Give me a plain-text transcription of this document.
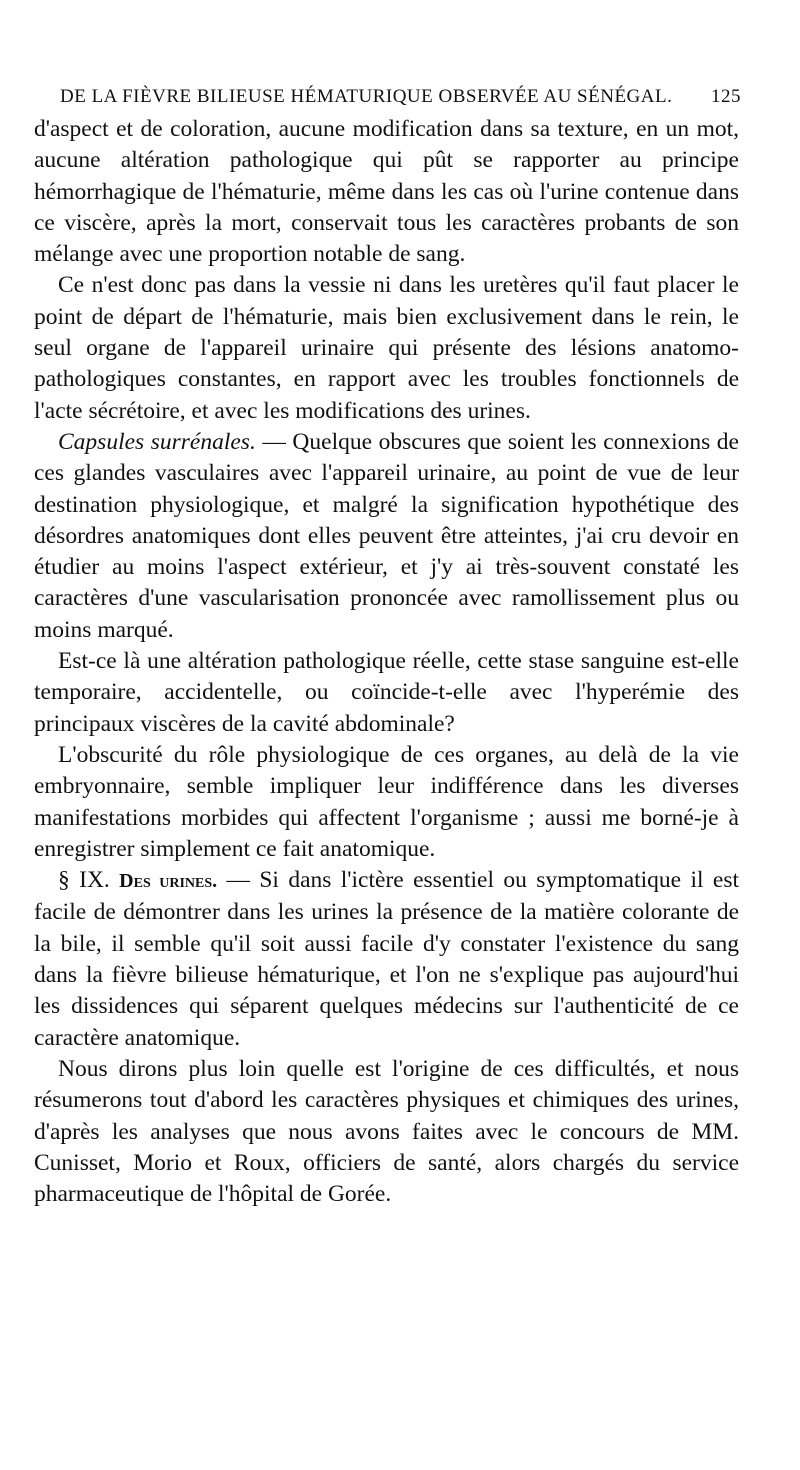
DE LA FIÈVRE BILIEUSE HÉMATURIQUE OBSERVÉE AU SÉNÉGAL. 125

d'aspect et de coloration, aucune modification dans sa texture, en un mot, aucune altération pathologique qui pût se rapporter au principe hémorrhagique de l'hématurie, même dans les cas où l'urine contenue dans ce viscère, après la mort, conservait tous les caractères probants de son mélange avec une proportion notable de sang.

Ce n'est donc pas dans la vessie ni dans les uretères qu'il faut placer le point de départ de l'hématurie, mais bien exclusivement dans le rein, le seul organe de l'appareil urinaire qui présente des lésions anatomo-pathologiques constantes, en rapport avec les troubles fonctionnels de l'acte sécrétoire, et avec les modifications des urines.

Capsules surrénales. — Quelque obscures que soient les connexions de ces glandes vasculaires avec l'appareil urinaire, au point de vue de leur destination physiologique, et malgré la signification hypothétique des désordres anatomiques dont elles peuvent être atteintes, j'ai cru devoir en étudier au moins l'aspect extérieur, et j'y ai très-souvent constaté les caractères d'une vascularisation prononcée avec ramollissement plus ou moins marqué.

Est-ce là une altération pathologique réelle, cette stase sanguine est-elle temporaire, accidentelle, ou coïncide-t-elle avec l'hyperémie des principaux viscères de la cavité abdominale?

L'obscurité du rôle physiologique de ces organes, au delà de la vie embryonnaire, semble impliquer leur indifférence dans les diverses manifestations morbides qui affectent l'organisme ; aussi me borné-je à enregistrer simplement ce fait anatomique.

§ IX. Des urines. — Si dans l'ictère essentiel ou symptomatique il est facile de démontrer dans les urines la présence de la matière colorante de la bile, il semble qu'il soit aussi facile d'y constater l'existence du sang dans la fièvre bilieuse hématurique, et l'on ne s'explique pas aujourd'hui les dissidences qui séparent quelques médecins sur l'authenticité de ce caractère anatomique.

Nous dirons plus loin quelle est l'origine de ces difficultés, et nous résumerons tout d'abord les caractères physiques et chimiques des urines, d'après les analyses que nous avons faites avec le concours de MM. Cunisset, Morio et Roux, officiers de santé, alors chargés du service pharmaceutique de l'hôpital de Gorée.
